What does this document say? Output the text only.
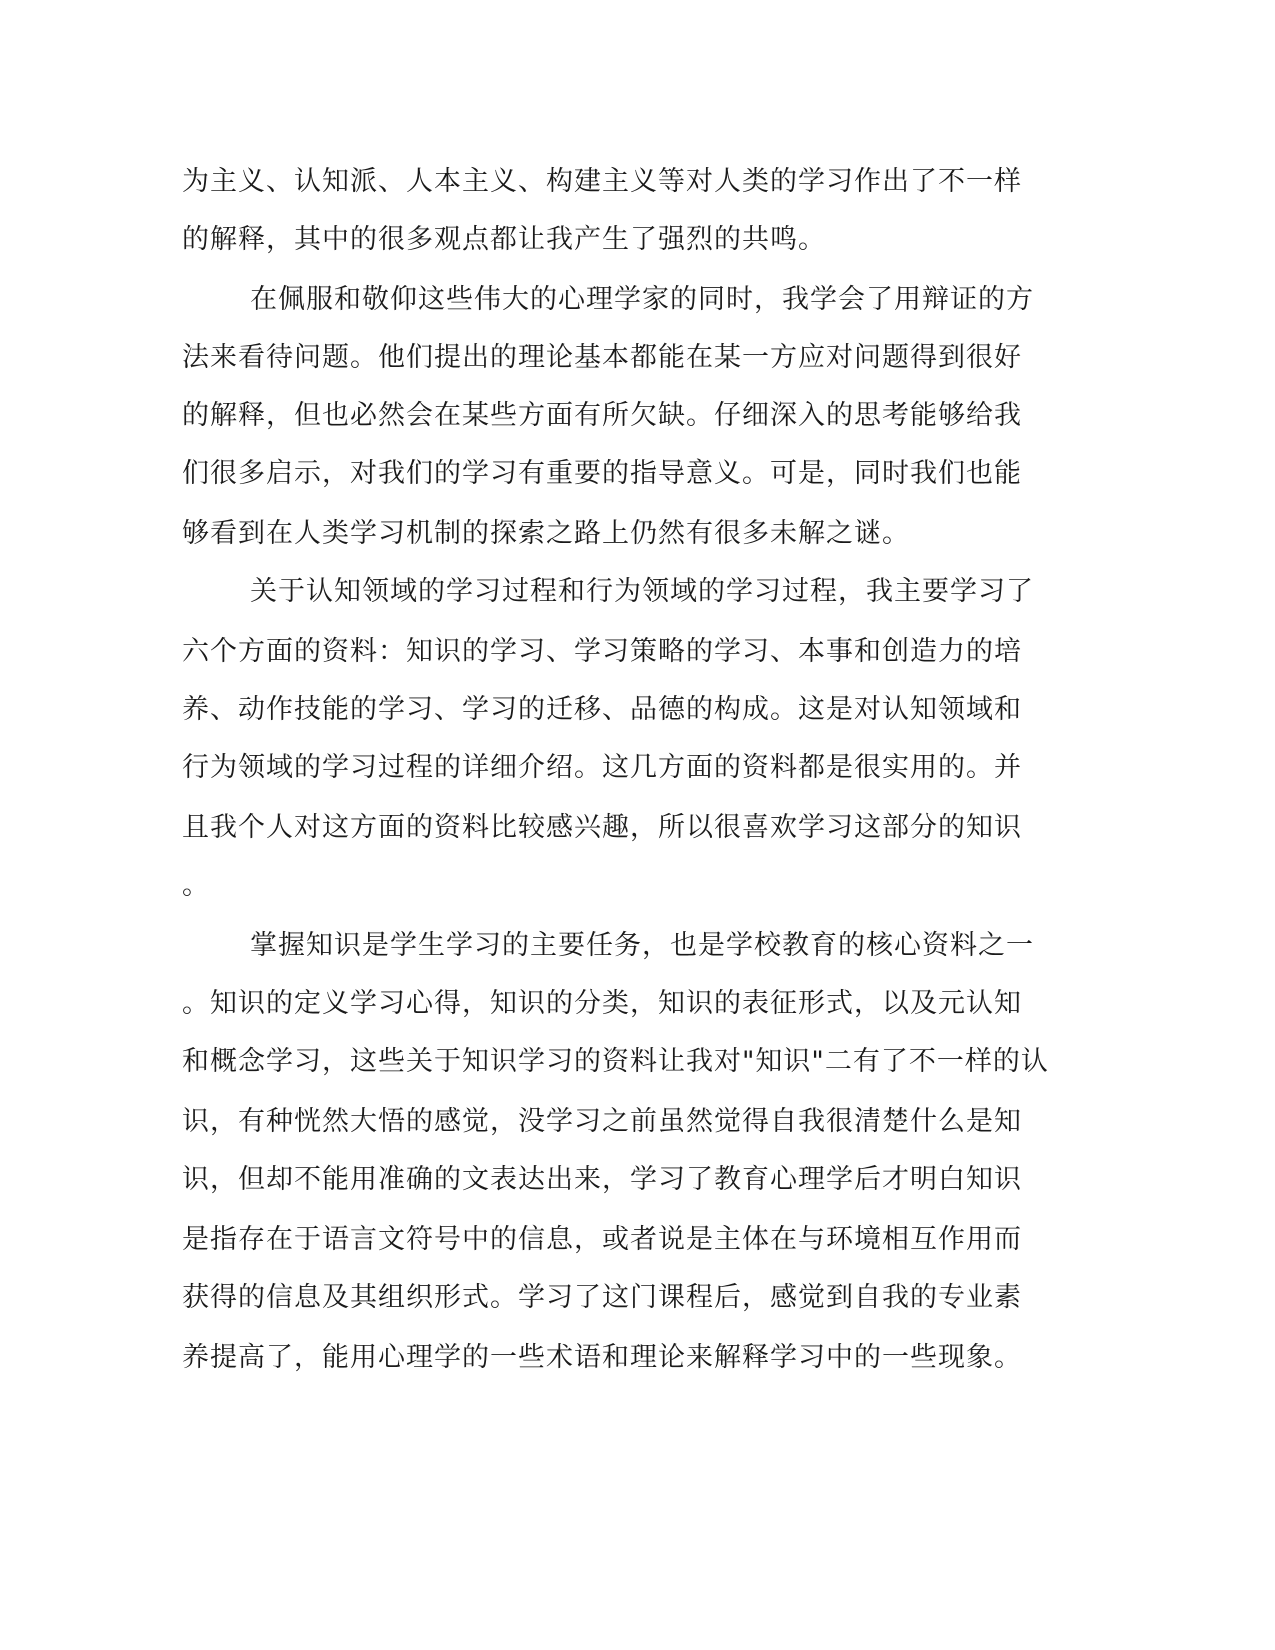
为主义、认知派、人本主义、构建主义等对人类的学习作出了不一样
的解释，其中的很多观点都让我产生了强烈的共鸣。
在佩服和敬仰这些伟大的心理学家的同时，我学会了用辩证的方
法来看待问题。他们提出的理论基本都能在某一方应对问题得到很好
的解释，但也必然会在某些方面有所欠缺。仔细深入的思考能够给我
们很多启示，对我们的学习有重要的指导意义。可是，同时我们也能
够看到在人类学习机制的探索之路上仍然有很多未解之谜。
关于认知领域的学习过程和行为领域的学习过程，我主要学习了
六个方面的资料：知识的学习、学习策略的学习、本事和创造力的培
养、动作技能的学习、学习的迁移、品德的构成。这是对认知领域和
行为领域的学习过程的详细介绍。这几方面的资料都是很实用的。并
且我个人对这方面的资料比较感兴趣，所以很喜欢学习这部分的知识
。
掌握知识是学生学习的主要任务，也是学校教育的核心资料之一
。知识的定义学习心得，知识的分类，知识的表征形式，以及元认知
和概念学习，这些关于知识学习的资料让我对"知识"二有了不一样的认
识，有种恍然大悟的感觉，没学习之前虽然觉得自我很清楚什么是知
识，但却不能用准确的文表达出来，学习了教育心理学后才明白知识
是指存在于语言文符号中的信息，或者说是主体在与环境相互作用而
获得的信息及其组织形式。学习了这门课程后，感觉到自我的专业素
养提高了，能用心理学的一些术语和理论来解释学习中的一些现象。
